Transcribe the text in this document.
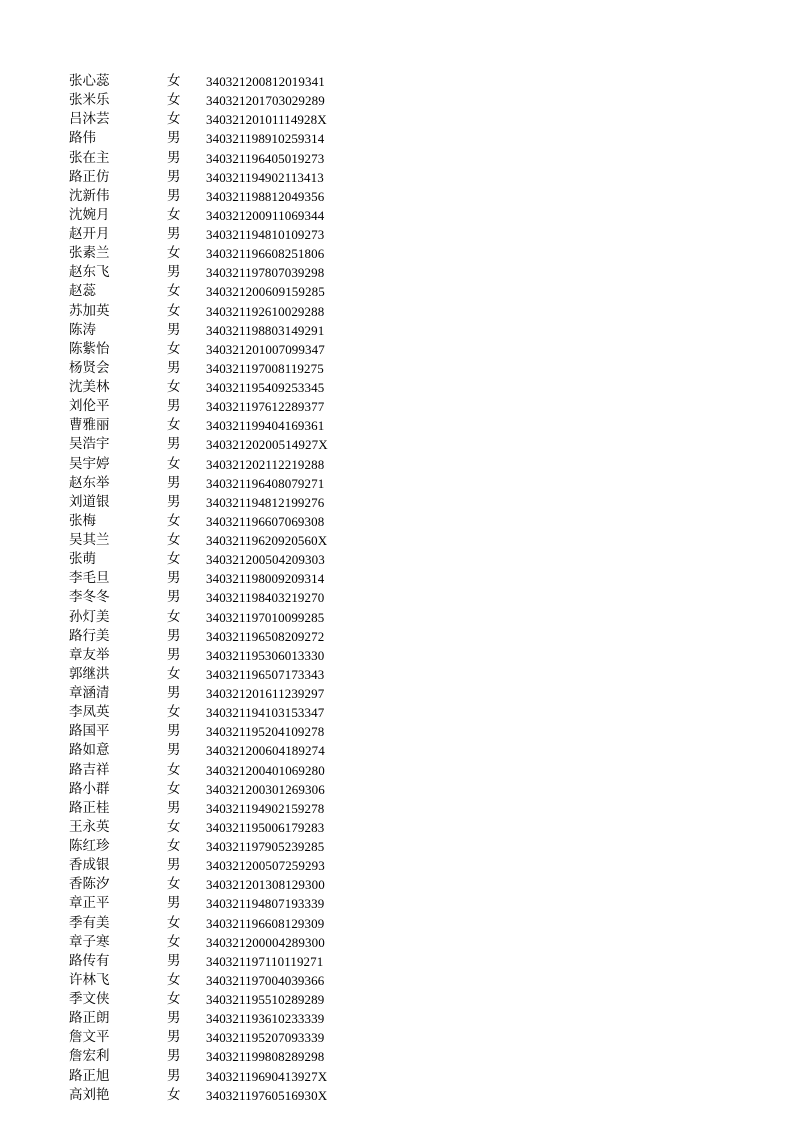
张心蕊	女 340321200812019341
张米乐	女 340321201703029289
吕沐芸	女 34032120101114928X
路伟	男 340321198910259314
张在主	男 340321196405019273
路正仿	男 340321194902113413
沈新伟	男 340321198812049356
沈婉月	女 340321200911069344
赵开月	男 340321194810109273
张素兰	女 340321196608251806
赵东飞	男 340321197807039298
赵蕊	女 340321200609159285
苏加英	女 340321192610029288
陈涛	男 340321198803149291
陈紫怡	女 340321201007099347
杨贤会	男 340321197008119275
沈美林	女 340321195409253345
刘伦平	男 340321197612289377
曹雅丽	女 340321199404169361
吴浩宇	男 34032120200514927X
吴宇婷	女 340321202112219288
赵东举	男 340321196408079271
刘道银	男 340321194812199276
张梅	女 340321196607069308
吴其兰	女 34032119620920560X
张萌	女 340321200504209303
李毛旦	男 340321198009209314
李冬冬	男 340321198403219270
孙灯美	女 340321197010099285
路行美	男 340321196508209272
章友举	男 340321195306013330
郭继洪	女 340321196507173343
章涵清	男 340321201611239297
李凤英	女 340321194103153347
路国平	男 340321195204109278
路如意	男 340321200604189274
路吉祥	女 340321200401069280
路小群	女 340321200301269306
路正桂	男 340321194902159278
王永英	女 340321195006179283
陈红珍	女 340321197905239285
香成银	男 340321200507259293
香陈汐	女 340321201308129300
章正平	男 340321194807193339
季有美	女 340321196608129309
章子寒	女 340321200004289300
路传有	男 340321197110119271
许林飞	女 340321197004039366
季文侠	女 340321195510289289
路正朗	男 340321193610233339
詹文平	男 340321195207093339
詹宏利	男 340321199808289298
路正旭	男 34032119690413927X
高刘艳	女 34032119760516930X
